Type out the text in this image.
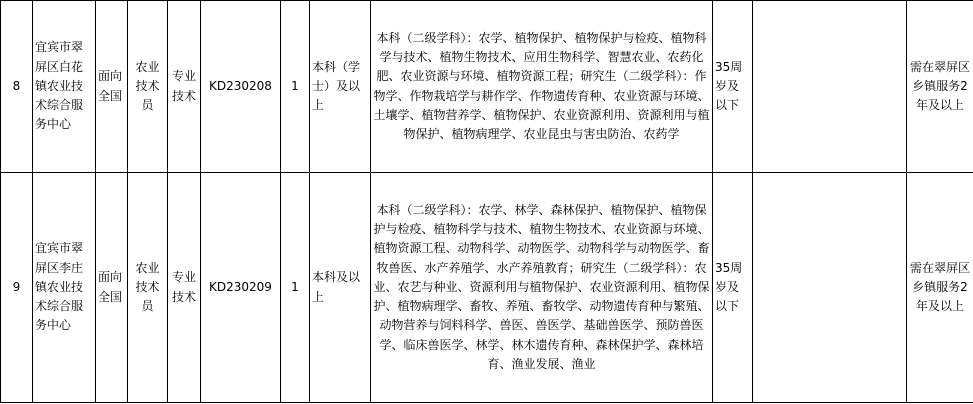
8	宜宾市翠屏区白花镇农业技术综合服务中心	面向全国	农业技术员	专业技术	KD230208	1	本科（学士）及以上	本科（二级学科）：农学、植物保护、植物保护与检疫、植物科学与技术、植物生物技术、应用生物科学、智慧农业、农药化肥、农业资源与环境、植物资源工程；研究生（二级学科）：作物学、作物栽培学与耕作学、作物遗传育种、农业资源与环境、土壤学、植物营养学、植物保护、农业资源利用、资源利用与植物保护、植物病理学、农业昆虫与害虫防治、农药学	35周岁及以下		需在翠屏区乡镇服务2年及以上
9	宜宾市翠屏区李庄镇农业技术综合服务中心	面向全国	农业技术员	专业技术	KD230209	1	本科及以上	本科（二级学科）：农学、林学、森林保护、植物保护、植物保护与检疫、植物科学与技术、植物生物技术、农业资源与环境、植物资源工程、动物科学、动物医学、动物科学与动物医学、畜牧兽医、水产养殖学、水产养殖教育；研究生（二级学科）：农业、农艺与种业、资源利用与植物保护、农业资源利用、植物保护、植物病理学、畜牧、养殖、畜牧学、动物遗传育种与繁殖、动物营养与饲料科学、兽医、兽医学、基础兽医学、预防兽医学、临床兽医学、林学、林木遗传育种、森林保护学、森林培育、渔业发展、渔业	35周岁及以下		需在翠屏区乡镇服务2年及以上
